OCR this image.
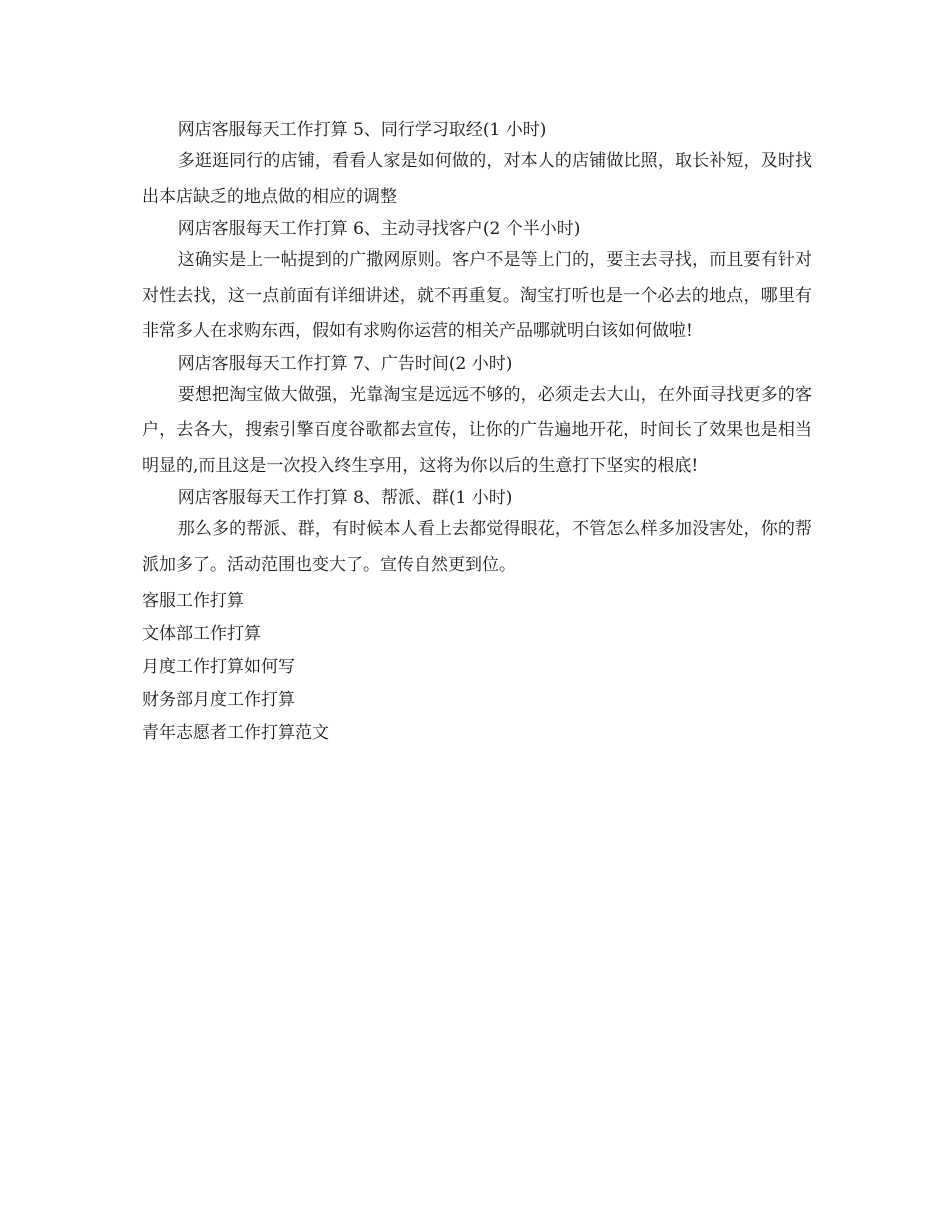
网店客服每天工作打算 5、同行学习取经(1 小时)

多逛逛同行的店铺，看看人家是如何做的，对本人的店铺做比照，取长补短，及时找出本店缺乏的地点做的相应的调整

网店客服每天工作打算 6、主动寻找客户(2 个半小时)

这确实是上一帖提到的广撒网原则。客户不是等上门的，要主去寻找，而且要有针对对性去找，这一点前面有详细讲述，就不再重复。淘宝打听也是一个必去的地点，哪里有非常多人在求购东西，假如有求购你运营的相关产品哪就明白该如何做啦!

网店客服每天工作打算 7、广告时间(2 小时)

要想把淘宝做大做强，光靠淘宝是远远不够的，必须走去大山，在外面寻找更多的客户，去各大，搜索引擎百度谷歌都去宣传，让你的广告遍地开花，时间长了效果也是相当明显的,而且这是一次投入终生享用，这将为你以后的生意打下坚实的根底!

网店客服每天工作打算 8、帮派、群(1 小时)

那么多的帮派、群，有时候本人看上去都觉得眼花，不管怎么样多加没害处，你的帮派加多了。活动范围也变大了。宣传自然更到位。

客服工作打算
文体部工作打算
月度工作打算如何写
财务部月度工作打算
青年志愿者工作打算范文
